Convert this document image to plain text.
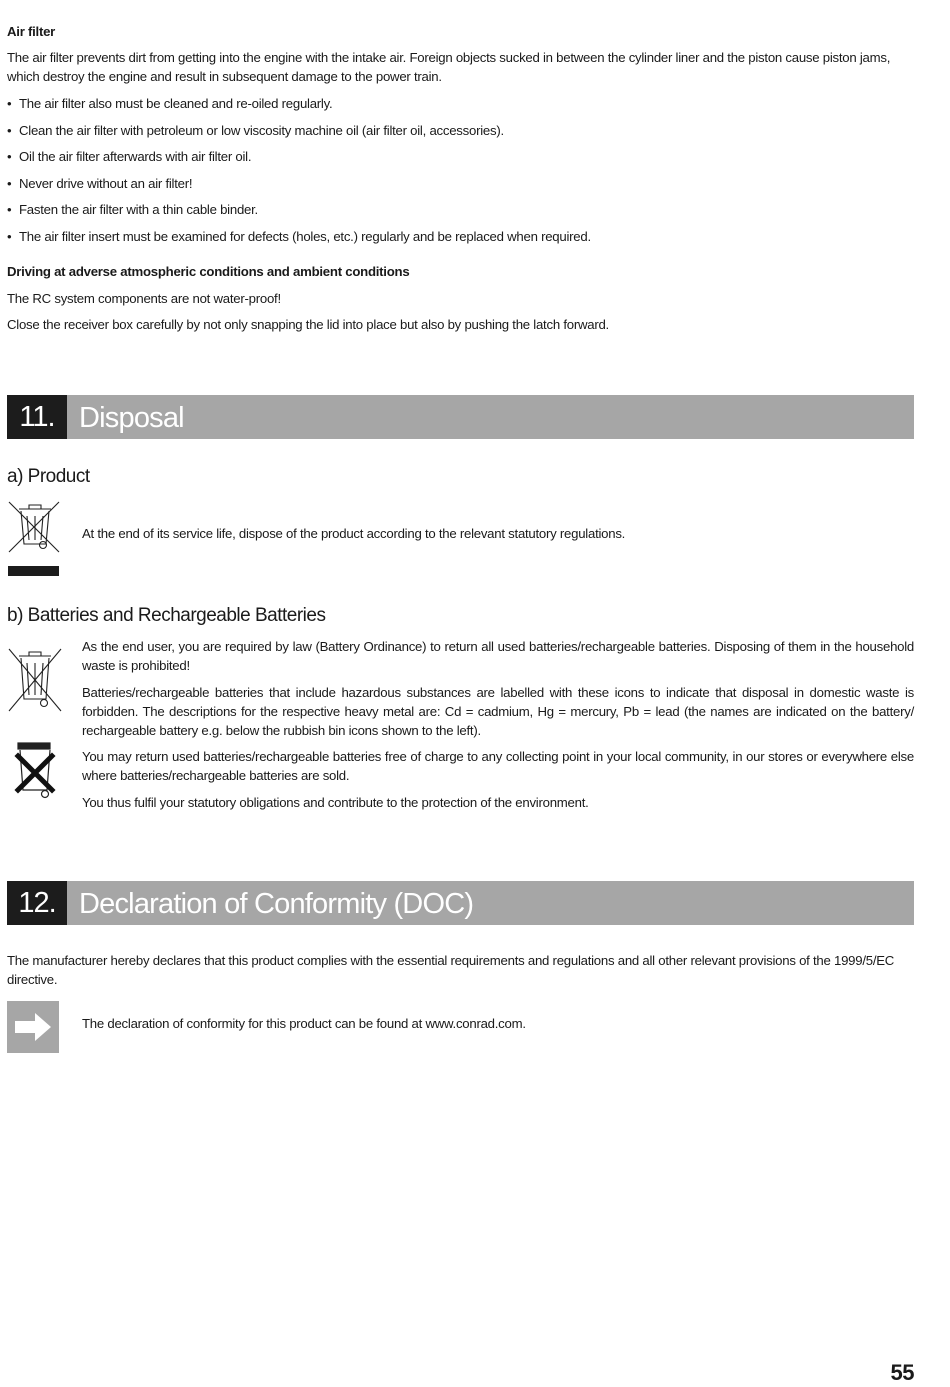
Air filter

The air filter prevents dirt from getting into the engine with the intake air. Foreign objects sucked in between the cylinder liner and the piston cause piston jams, which destroy the engine and result in subsequent damage to the power train.

• The air filter also must be cleaned and re-oiled regularly.
• Clean the air filter with petroleum or low viscosity machine oil (air filter oil, accessories).
• Oil the air filter afterwards with air filter oil.
• Never drive without an air filter!
• Fasten the air filter with a thin cable binder.
• The air filter insert must be examined for defects (holes, etc.) regularly and be replaced when required.

Driving at adverse atmospheric conditions and ambient conditions

The RC system components are not water-proof!

Close the receiver box carefully by not only snapping the lid into place but also by pushing the latch forward.

11. Disposal
a) Product

At the end of its service life, dispose of the product according to the relevant statutory regulations.

b) Batteries and Rechargeable Batteries

As the end user, you are required by law (Battery Ordinance) to return all used batteries/rechargeable batteries. Disposing of them in the household waste is prohibited!

Batteries/rechargeable batteries that include hazardous substances are labelled with these icons to indicate that disposal in domestic waste is forbidden. The descriptions for the respective heavy metal are: Cd = cadmium, Hg = mercury, Pb = lead (the names are indicated on the battery/ rechargeable battery e.g. below the rubbish bin icons shown to the left).

You may return used batteries/rechargeable batteries free of charge to any collecting point in your local community, in our stores or everywhere else where batteries/rechargeable batteries are sold.

You thus fulfil your statutory obligations and contribute to the protection of the environment.

12. Declaration of Conformity (DOC)

The manufacturer hereby declares that this product complies with the essential requirements and regulations and all other relevant provisions of the 1999/5/EC directive.

The declaration of conformity for this product can be found at www.conrad.com.

55
